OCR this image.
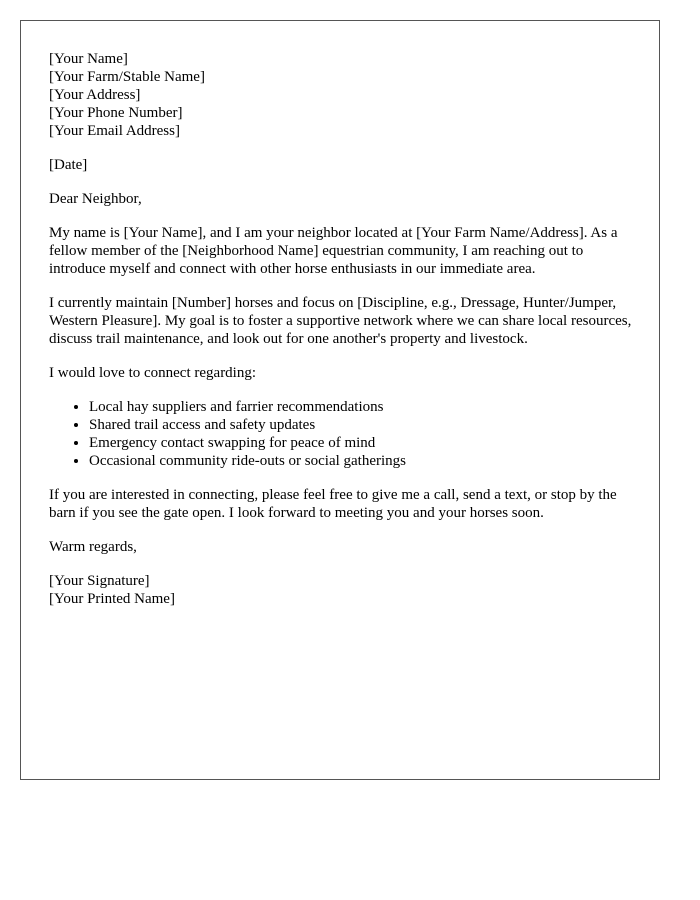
[Your Name]
[Your Farm/Stable Name]
[Your Address]
[Your Phone Number]
[Your Email Address]

[Date]

Dear Neighbor,

My name is [Your Name], and I am your neighbor located at [Your Farm Name/Address]. As a fellow member of the [Neighborhood Name] equestrian community, I am reaching out to introduce myself and connect with other horse enthusiasts in our immediate area.

I currently maintain [Number] horses and focus on [Discipline, e.g., Dressage, Hunter/Jumper, Western Pleasure]. My goal is to foster a supportive network where we can share local resources, discuss trail maintenance, and look out for one another's property and livestock.

I would love to connect regarding:

• Local hay suppliers and farrier recommendations
• Shared trail access and safety updates
• Emergency contact swapping for peace of mind
• Occasional community ride-outs or social gatherings

If you are interested in connecting, please feel free to give me a call, send a text, or stop by the barn if you see the gate open. I look forward to meeting you and your horses soon.

Warm regards,

[Your Signature]
[Your Printed Name]
